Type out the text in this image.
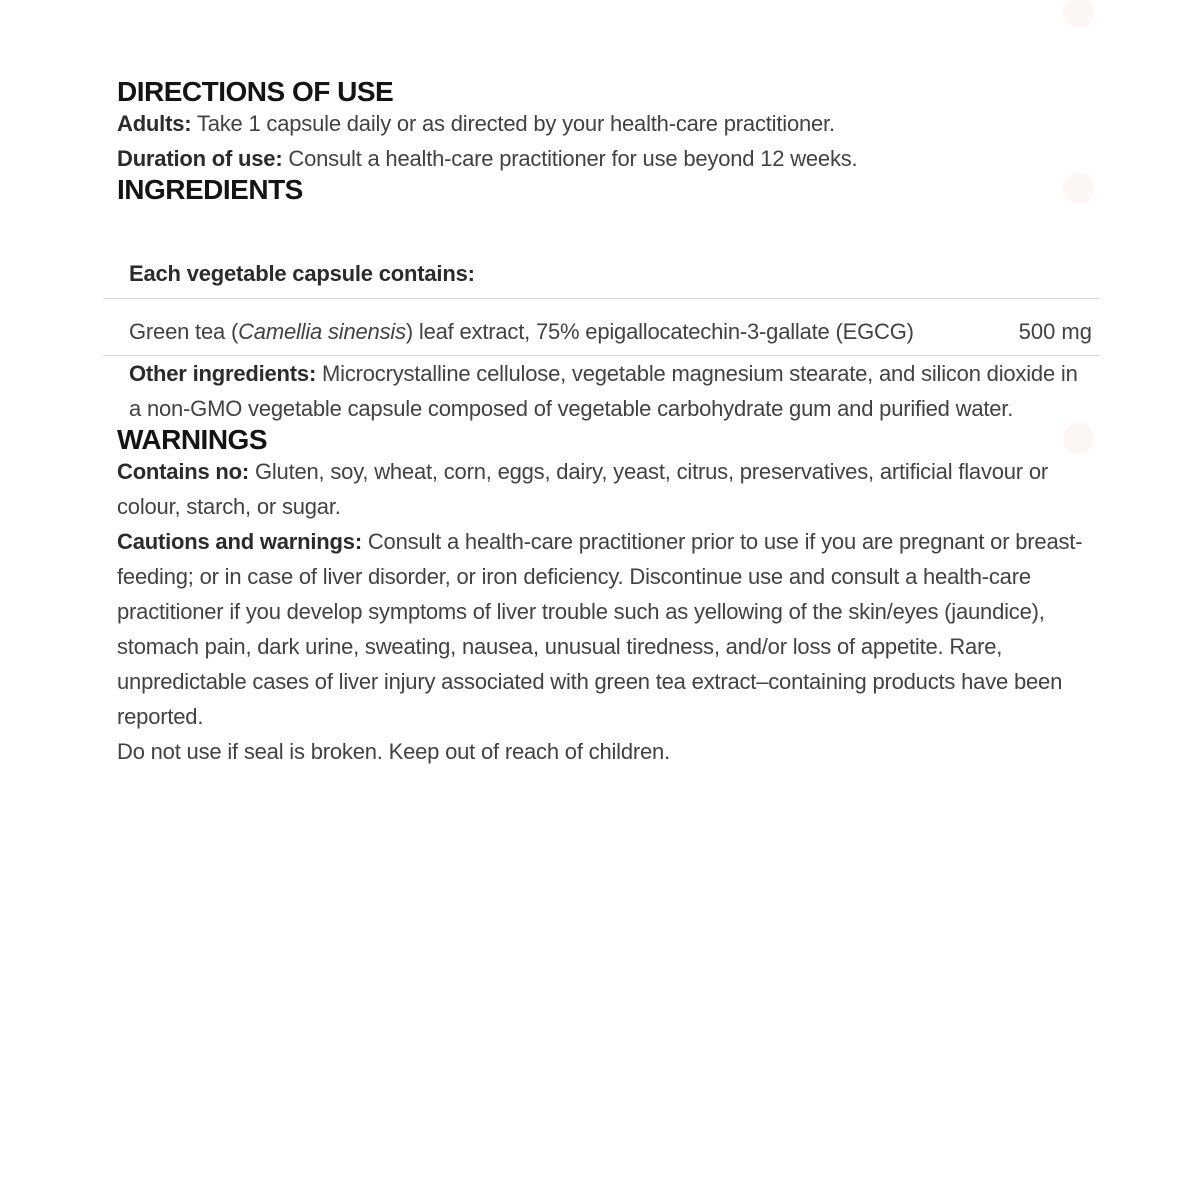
DIRECTIONS OF USE

Adults: Take 1 capsule daily or as directed by your health-care practitioner.

Duration of use: Consult a health-care practitioner for use beyond 12 weeks.

INGREDIENTS

Each vegetable capsule contains:

Green tea (Camellia sinensis) leaf extract, 75% epigallocatechin-3-gallate (EGCG)	500 mg

Other ingredients: Microcrystalline cellulose, vegetable magnesium stearate, and silicon dioxide in a non-GMO vegetable capsule composed of vegetable carbohydrate gum and purified water.

WARNINGS

Contains no: Gluten, soy, wheat, corn, eggs, dairy, yeast, citrus, preservatives, artificial flavour or colour, starch, or sugar.

Cautions and warnings: Consult a health-care practitioner prior to use if you are pregnant or breast-feeding; or in case of liver disorder, or iron deficiency. Discontinue use and consult a health-care practitioner if you develop symptoms of liver trouble such as yellowing of the skin/eyes (jaundice), stomach pain, dark urine, sweating, nausea, unusual tiredness, and/or loss of appetite. Rare, unpredictable cases of liver injury associated with green tea extract–containing products have been reported.

Do not use if seal is broken. Keep out of reach of children.
